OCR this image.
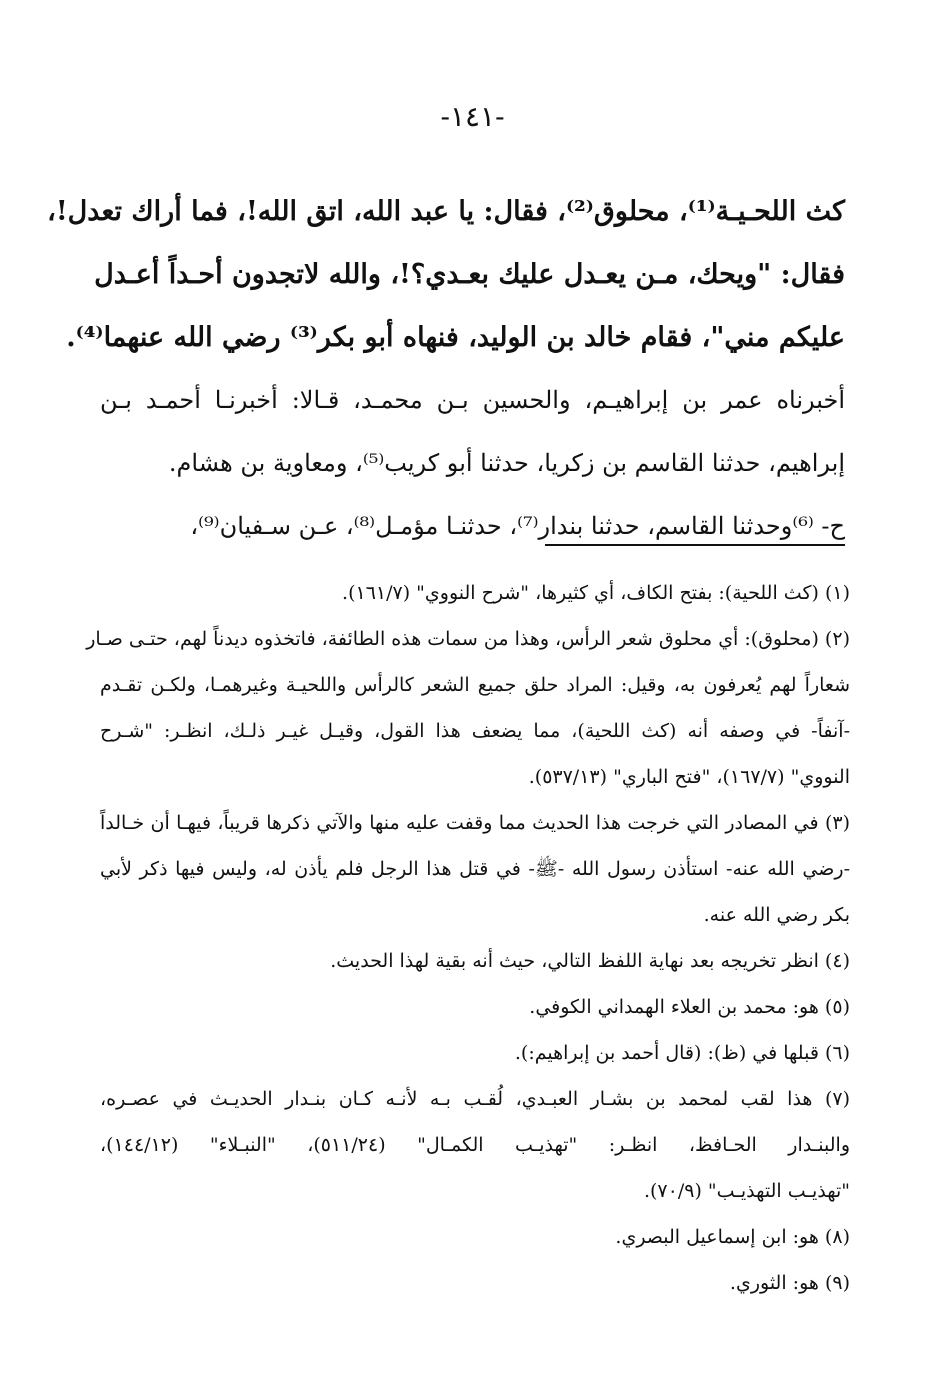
-١٤١-
كث اللحـيـة⁽¹⁾، محلوق⁽²⁾، فقال: يا عبد الله، اتق الله!، فما أراك تعدل!،
فقال: "ويحك، مـن يعـدل عليك بعـدي؟!، والله لاتجدون أحـداً أعـدل
عليكم مني"، فقام خالد بن الوليد، فنهاه أبو بكر⁽³⁾ رضي الله عنهما⁽⁴⁾.
أخبرناه عمر بن إبراهيـم، والحسين بـن محمـد، قـالا: أخبرنـا أحمـد بـن
إبراهيم، حدثنا القاسم بن زكريا، حدثنا أبو كريب⁽⁵⁾، ومعاوية بن هشام.
ح- ⁽⁶⁾وحدثنا القاسم، حدثنا بندار⁽⁷⁾، حدثنـا مؤمـل⁽⁸⁾، عـن سـفيان⁽⁹⁾،
(١) (كث اللحية): بفتح الكاف، أي كثيرها، "شرح النووي" (١٦١/٧).
(٢) (محلوق): أي محلوق شعر الرأس، وهذا من سمات هذه الطائفة، فاتخذوه ديدناً لهم، حتـى صـار
شعاراً لهم يُعرفون به، وقيل: المراد حلق جميع الشعر كالرأس واللحيـة وغيرهمـا، ولكـن تقـدم
-آنفاً- في وصفه أنه (كث اللحية)، مما يضعف هذا القول، وقيـل غيـر ذلـك، انظـر: "شـرح
النووي" (١٦٧/٧)، "فتح الباري" (٥٣٧/١٣).
(٣) في المصادر التي خرجت هذا الحديث مما وقفت عليه منها والآتي ذكرها قريباً، فيهـا أن خـالداً
-رضي الله عنه- استأذن رسول الله -ﷺ- في قتل هذا الرجل فلم يأذن له، وليس فيها ذكر لأبي
بكر رضي الله عنه.
(٤) انظر تخريجه بعد نهاية اللفظ التالي، حيث أنه بقية لهذا الحديث.
(٥) هو: محمد بن العلاء الهمداني الكوفي.
(٦) قبلها في (ظ): (قال أحمد بن إبراهيم:).
(٧) هذا لقب لمحمد بن بشـار العبـدي، لُقـب بـه لأنـه كـان بنـدار الحديـث في عصـره،
والبنـدار الحـافظ، انظـر: "تهذيـب الكمـال" (٥١١/٢٤)، "النبـلاء" (١٤٤/١٢)،
"تهذيـب التهذيـب" (٧٠/٩).
(٨) هو: ابن إسماعيل البصري.
(٩) هو: الثوري.
